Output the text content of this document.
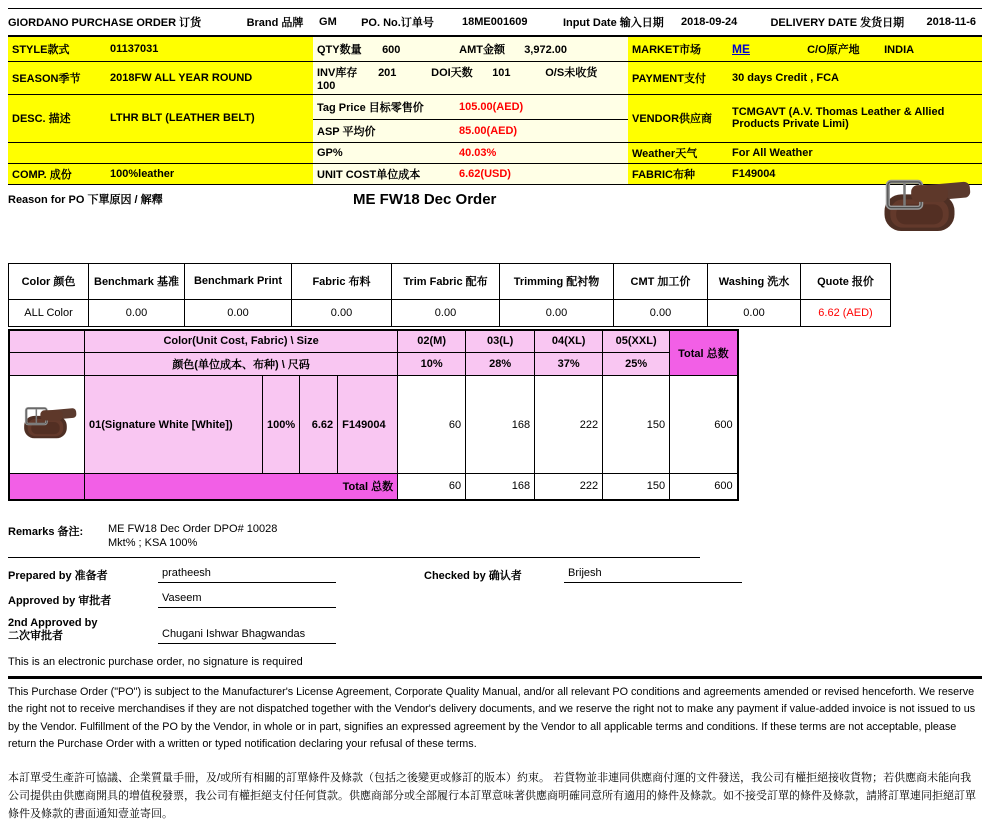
GIORDANO PURCHASE ORDER 订货	Brand 品牌	GM	PO. No.订单号	18ME001609	Input Date 输入日期	2018-09-24	DELIVERY DATE 发货日期	2018-11-6
STYLE款式	01137031	QTY数量 600 AMT金额 3,972.00	MARKET市场	ME C/O原产地 INDIA
SEASON季节	2018FW ALL YEAR ROUND	INV库存 201 DOI天数 101 O/S未收货 100	PAYMENT支付	30 days Credit , FCA
DESC. 描述	LTHR BLT (LEATHER BELT)	Tag Price 目标零售价 105.00(AED)	VENDOR供应商	TCMGAVT (A.V. Thomas Leather & Allied Products Private Limi)

		ASP 平均价 85.00(AED)		

		GP% 40.03%	Weather天气	For All Weather
COMP. 成份	100%leather	UNIT COST单位成本 6.62(USD)	FABRIC布种	F149004
Reason for PO 下單原因 / 解釋	ME FW18 Dec Order
Color 颜色	Benchmark 基准	Benchmark Print	Fabric 布料	Trim Fabric 配布	Trimming 配衬物	CMT 加工价	Washing 洗水	Quote 报价
ALL Color	0.00	0.00	0.00	0.00	0.00	0.00	0.00	6.62 (AED)
	Color(Unit Cost, Fabric) \ Size				02(M)	03(L)	04(XL)	05(XXL)	Total 总数
	颜色(单位成本、布种) \ 尺码				10%	28%	37%	25%	
	01(Signature White [White])	100%	6.62	F149004	60	168	222	150	600
	Total 总数				60	168	222	150	600
Remarks 备注:	ME FW18 Dec Order DPO# 10028
Mkt% ; KSA 100%
Prepared by 准备者	pratheesh	Checked by 确认者	Brijesh
Approved by 审批者	Vaseem
2nd Approved by
二次审批者	Chugani Ishwar Bhagwandas
This is an electronic purchase order, no signature is required
This Purchase Order ("PO") is subject to the Manufacturer's License Agreement, Corporate Quality Manual, and/or all relevant PO conditions and agreements amended or revised henceforth. We reserve the right not to receive merchandises if they are not dispatched together with the Vendor's delivery documents, and we reserve the right not to make any payment if value-added invoice is not issued to us by the Vendor. Fulfillment of the PO by the Vendor, in whole or in part, signifies an expressed agreement by the Vendor to all applicable terms and conditions. If these terms are not acceptable, please return the Purchase Order with a written or typed notification declaring your refusal of these terms.
本訂單受生產許可協議、企業質量手冊，及/或所有相關的訂單條件及條款（包括之後變更或修訂的版本）約束。 若貨物並非連同供應商付運的文件發送，我公司有權拒絕接收貨物；若供應商未能向我公司提供由供應商開具的增值稅發票，我公司有權拒絕支付任何貨款。供應商部分或全部履行本訂單意味著供應商明確同意所有適用的條件及條款。如不接受訂單的條件及條款，請將訂單連同拒絕訂單條件及條款的書面通知壹並寄回。
